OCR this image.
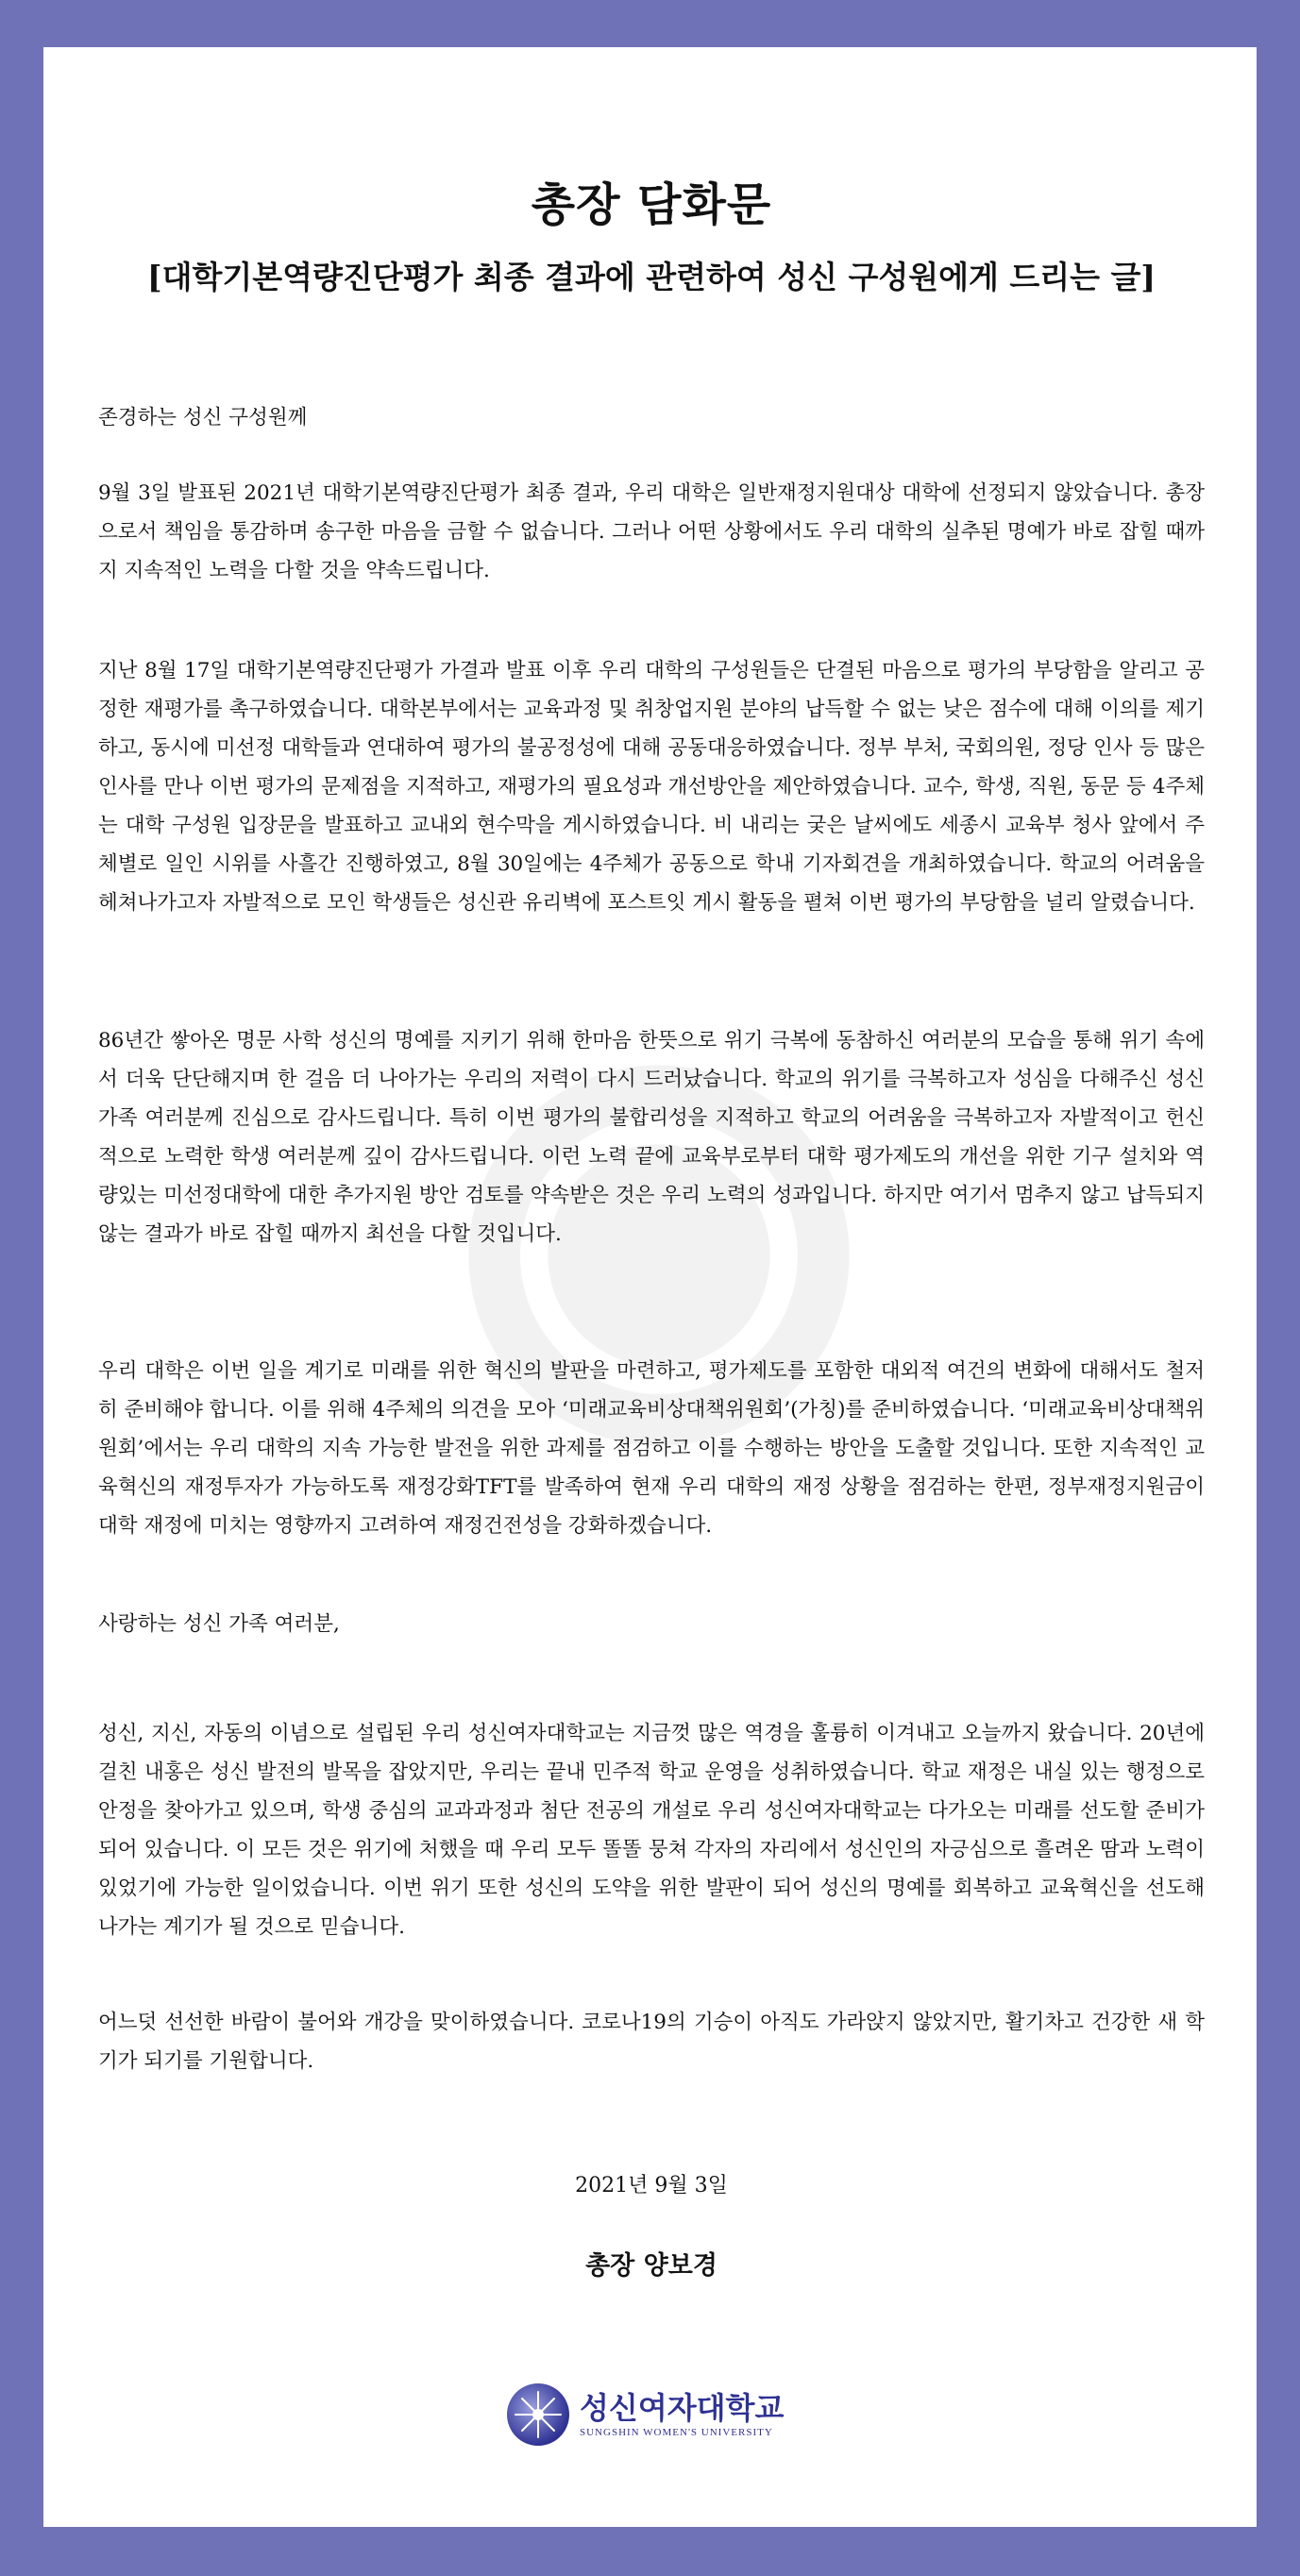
총장 담화문
[대학기본역량진단평가 최종 결과에 관련하여 성신 구성원에게 드리는 글]

존경하는 성신 구성원께

9월 3일 발표된 2021년 대학기본역량진단평가 최종 결과, 우리 대학은 일반재정지원대상 대학에 선정되지 않았습니다. 총장으로서 책임을 통감하며 송구한 마음을 금할 수 없습니다. 그러나 어떤 상황에서도 우리 대학의 실추된 명예가 바로 잡힐 때까지 지속적인 노력을 다할 것을 약속드립니다.

지난 8월 17일 대학기본역량진단평가 가결과 발표 이후 우리 대학의 구성원들은 단결된 마음으로 평가의 부당함을 알리고 공정한 재평가를 촉구하였습니다. 대학본부에서는 교육과정 및 취창업지원 분야의 납득할 수 없는 낮은 점수에 대해 이의를 제기하고, 동시에 미선정 대학들과 연대하여 평가의 불공정성에 대해 공동대응하였습니다. 정부 부처, 국회의원, 정당 인사 등 많은 인사를 만나 이번 평가의 문제점을 지적하고, 재평가의 필요성과 개선방안을 제안하였습니다. 교수, 학생, 직원, 동문 등 4주체는 대학 구성원 입장문을 발표하고 교내외 현수막을 게시하였습니다. 비 내리는 궂은 날씨에도 세종시 교육부 청사 앞에서 주체별로 일인 시위를 사흘간 진행하였고, 8월 30일에는 4주체가 공동으로 학내 기자회견을 개최하였습니다. 학교의 어려움을 헤쳐나가고자 자발적으로 모인 학생들은 성신관 유리벽에 포스트잇 게시 활동을 펼쳐 이번 평가의 부당함을 널리 알렸습니다.

86년간 쌓아온 명문 사학 성신의 명예를 지키기 위해 한마음 한뜻으로 위기 극복에 동참하신 여러분의 모습을 통해 위기 속에서 더욱 단단해지며 한 걸음 더 나아가는 우리의 저력이 다시 드러났습니다. 학교의 위기를 극복하고자 성심을 다해주신 성신 가족 여러분께 진심으로 감사드립니다. 특히 이번 평가의 불합리성을 지적하고 학교의 어려움을 극복하고자 자발적이고 헌신적으로 노력한 학생 여러분께 깊이 감사드립니다. 이런 노력 끝에 교육부로부터 대학 평가제도의 개선을 위한 기구 설치와 역량있는 미선정대학에 대한 추가지원 방안 검토를 약속받은 것은 우리 노력의 성과입니다. 하지만 여기서 멈추지 않고 납득되지 않는 결과가 바로 잡힐 때까지 최선을 다할 것입니다.

우리 대학은 이번 일을 계기로 미래를 위한 혁신의 발판을 마련하고, 평가제도를 포함한 대외적 여건의 변화에 대해서도 철저히 준비해야 합니다. 이를 위해 4주체의 의견을 모아 ‘미래교육비상대책위원회’(가칭)를 준비하였습니다. ‘미래교육비상대책위원회’에서는 우리 대학의 지속 가능한 발전을 위한 과제를 점검하고 이를 수행하는 방안을 도출할 것입니다. 또한 지속적인 교육혁신의 재정투자가 가능하도록 재정강화TFT를 발족하여 현재 우리 대학의 재정 상황을 점검하는 한편, 정부재정지원금이 대학 재정에 미치는 영향까지 고려하여 재정건전성을 강화하겠습니다.

사랑하는 성신 가족 여러분,

성신, 지신, 자동의 이념으로 설립된 우리 성신여자대학교는 지금껏 많은 역경을 훌륭히 이겨내고 오늘까지 왔습니다. 20년에 걸친 내홍은 성신 발전의 발목을 잡았지만, 우리는 끝내 민주적 학교 운영을 성취하였습니다. 학교 재정은 내실 있는 행정으로 안정을 찾아가고 있으며, 학생 중심의 교과과정과 첨단 전공의 개설로 우리 성신여자대학교는 다가오는 미래를 선도할 준비가 되어 있습니다. 이 모든 것은 위기에 처했을 때 우리 모두 똘똘 뭉쳐 각자의 자리에서 성신인의 자긍심으로 흘려온 땀과 노력이 있었기에 가능한 일이었습니다. 이번 위기 또한 성신의 도약을 위한 발판이 되어 성신의 명예를 회복하고 교육혁신을 선도해 나가는 계기가 될 것으로 믿습니다.

어느덧 선선한 바람이 불어와 개강을 맞이하였습니다. 코로나19의 기승이 아직도 가라앉지 않았지만, 활기차고 건강한 새 학기가 되기를 기원합니다.

2021년 9월 3일
총장 양보경
성신여자대학교
SUNGSHIN WOMEN'S UNIVERSITY
